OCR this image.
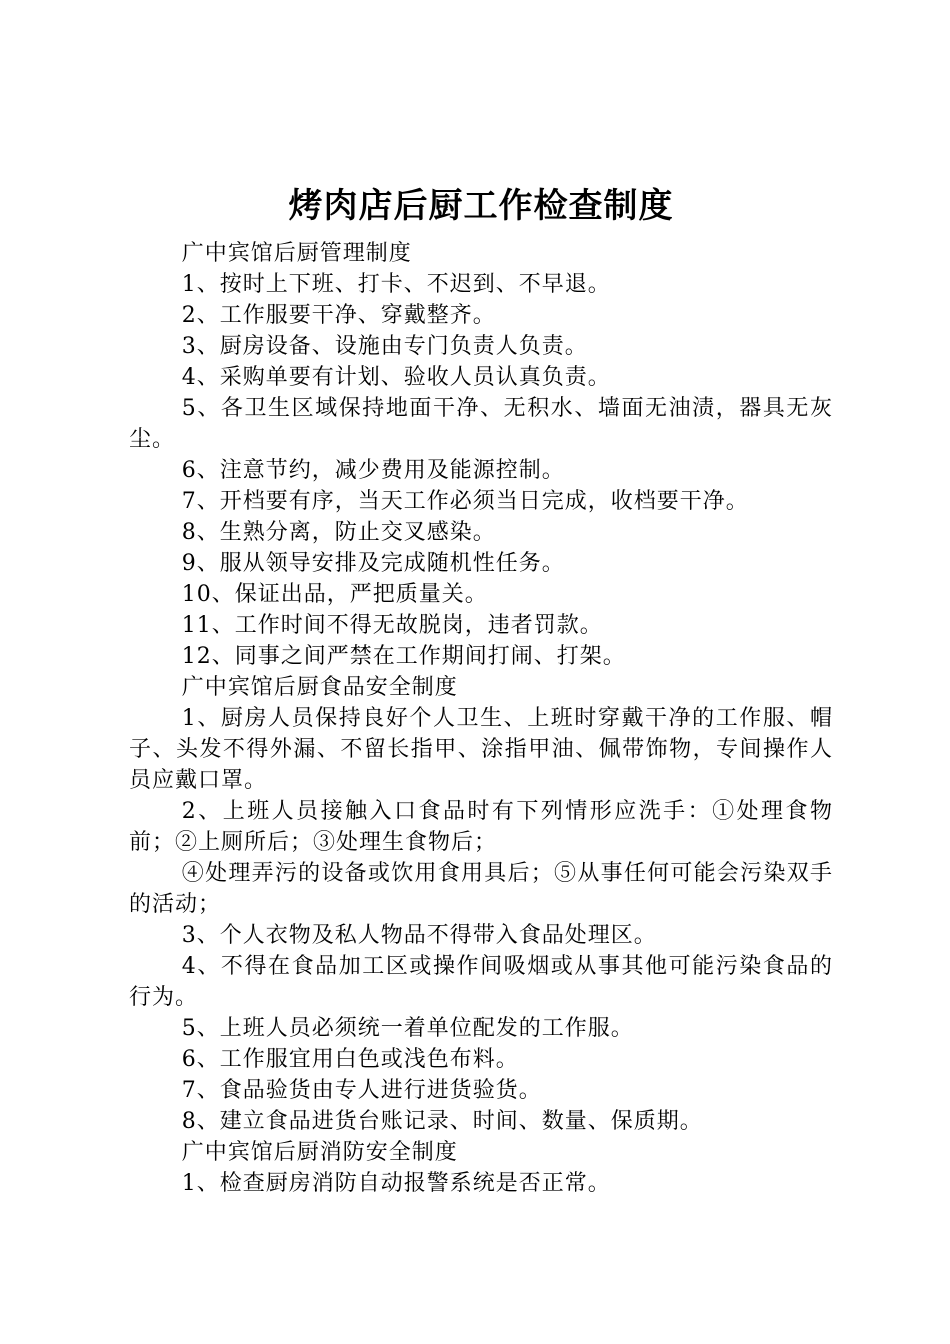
烤肉店后厨工作检查制度

广中宾馆后厨管理制度

1、按时上下班、打卡、不迟到、不早退。

2、工作服要干净、穿戴整齐。

3、厨房设备、设施由专门负责人负责。

4、采购单要有计划、验收人员认真负责。

5、各卫生区域保持地面干净、无积水、墙面无油渍，器具无灰尘。

6、注意节约，减少费用及能源控制。

7、开档要有序，当天工作必须当日完成，收档要干净。

8、生熟分离，防止交叉感染。

9、服从领导安排及完成随机性任务。

10、保证出品，严把质量关。

11、工作时间不得无故脱岗，违者罚款。

12、同事之间严禁在工作期间打闹、打架。

广中宾馆后厨食品安全制度

1、厨房人员保持良好个人卫生、上班时穿戴干净的工作服、帽子、头发不得外漏、不留长指甲、涂指甲油、佩带饰物，专间操作人员应戴口罩。

2、上班人员接触入口食品时有下列情形应洗手：①处理食物前；②上厕所后；③处理生食物后；

④处理弄污的设备或饮用食用具后；⑤从事任何可能会污染双手的活动；

3、个人衣物及私人物品不得带入食品处理区。

4、不得在食品加工区或操作间吸烟或从事其他可能污染食品的行为。

5、上班人员必须统一着单位配发的工作服。

6、工作服宜用白色或浅色布料。

7、食品验货由专人进行进货验货。

8、建立食品进货台账记录、时间、数量、保质期。

广中宾馆后厨消防安全制度

1、检查厨房消防自动报警系统是否正常。
